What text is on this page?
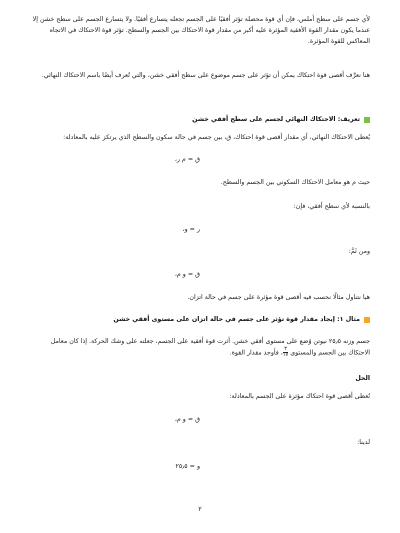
لأي جسم على سطح أملس، فإن أي قوة محصلة تؤثر أفقيًا على الجسم تجعله يتسارع أفقيًا. ولا يتسارع الجسم على سطح خشن إلا عندما يكون مقدار القوة الأفقية المؤثرة عليه أكبر من مقدار قوة الاحتكاك بين الجسم والسطح. تؤثر قوة الاحتكاك في الاتجاه المعاكس للقوة المؤثرة.

هنا نعرِّف أقصى قوة احتكاك يمكن أن تؤثر على جسم موضوع على سطح أفقي خشن، والتي تُعرف أيضًا باسم الاحتكاك النهائي.

تعريف: الاحتكاك النهائي لجسم على سطح أفقي خشن

يُعطى الاحتكاك النهائي، أي مقدار أقصى قوة احتكاك، ق، بين جسم في حالة سكون والسطح الذي يرتكز عليه بالمعادلة:

ق = م ر،

حيث م هو معامل الاحتكاك السكوني بين الجسم والسطح.

بالنسبة لأي سطح أفقي، فإن:

ر = و،

ومن ثَمَّ:

ق = و م،

هيا نتناول مثالًا نحسب فيه أقصى قوة مؤثرة على جسم في حالة اتزان.

مثال ١: إيجاد مقدار قوة تؤثر على جسم في حالة اتزان على مستوى أفقي خشن

جسم وزنه ٢٥٫٥ نيوتن وُضع على مستوى أفقي خشن. أثرت قوة أفقية على الجسم، جعلته على وشك الحركة. إذا كان معامل الاحتكاك بين الجسم والمستوى
$\frac{٣}{١٧}$
، فأوجد مقدار القوة.

الحل

نُعطى أقصى قوة احتكاك مؤثرة على الجسم بالمعادلة:

ق = و م،

لدينا:

و = ٢٥٫٥
٢
